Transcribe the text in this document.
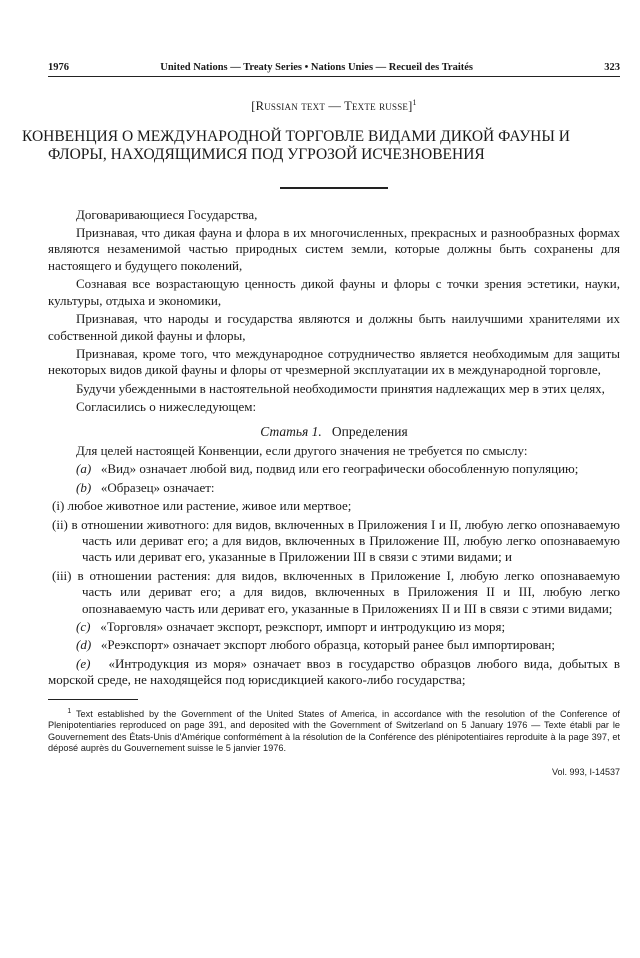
1976	United Nations — Treaty Series • Nations Unies — Recueil des Traités	323
[Russian text — Texte russe]$^1$
КОНВЕНЦИЯ О МЕЖДУНАРОДНОЙ ТОРГОВЛЕ ВИДАМИ ДИКОЙ ФАУНЫ И ФЛОРЫ, НАХОДЯЩИМИСЯ ПОД УГРОЗОЙ ИСЧЕЗНОВЕНИЯ

Договаривающиеся Государства,

Признавая, что дикая фауна и флора в их многочисленных, прекрасных и разнообразных формах являются незаменимой частью природных систем земли, которые должны быть сохранены для настоящего и будущего поколений,

Сознавая все возрастающую ценность дикой фауны и флоры с точки зрения эстетики, науки, культуры, отдыха и экономики,

Признавая, что народы и государства являются и должны быть наилучшими хранителями их собственной дикой фауны и флоры,

Признавая, кроме того, что международное сотрудничество является необходимым для защиты некоторых видов дикой фауны и флоры от чрезмерной эксплуатации их в международной торговле,

Будучи убежденными в настоятельной необходимости принятия надлежащих мер в этих целях,

Согласились о нижеследующем:

Статья 1. Определения

Для целей настоящей Конвенции, если другого значения не требуется по смыслу:

(a) «Вид» означает любой вид, подвид или его географически обособленную популяцию;

(b) «Образец» означает:

(i) любое животное или растение, живое или мертвое;

(ii) в отношении животного: для видов, включенных в Приложения I и II, любую легко опознаваемую часть или дериват его; а для видов, включенных в Приложение III, любую легко опознаваемую часть или дериват его, указанные в Приложении III в связи с этими видами; и

(iii) в отношении растения: для видов, включенных в Приложение I, любую легко опознаваемую часть или дериват его; а для видов, включенных в Приложения II и III, любую легко опознаваемую часть или дериват его, указанные в Приложениях II и III в связи с этими видами;

(c) «Торговля» означает экспорт, реэкспорт, импорт и интродукцию из моря;

(d) «Реэкспорт» означает экспорт любого образца, который ранее был импортирован;

(e) «Интродукция из моря» означает ввоз в государство образцов любого вида, добытых в морской среде, не находящейся под юрисдикцией какого-либо государства;

$^1$ Text established by the Government of the United States of America, in accordance with the resolution of the Conference of Plenipotentiaries reproduced on page 391, and deposited with the Government of Switzerland on 5 January 1976 — Texte établi par le Gouvernement des États-Unis d'Amérique conformément à la résolution de la Conférence des plénipotentiaires reproduite à la page 397, et déposé auprès du Gouvernement suisse le 5 janvier 1976.
Vol. 993, I-14537
